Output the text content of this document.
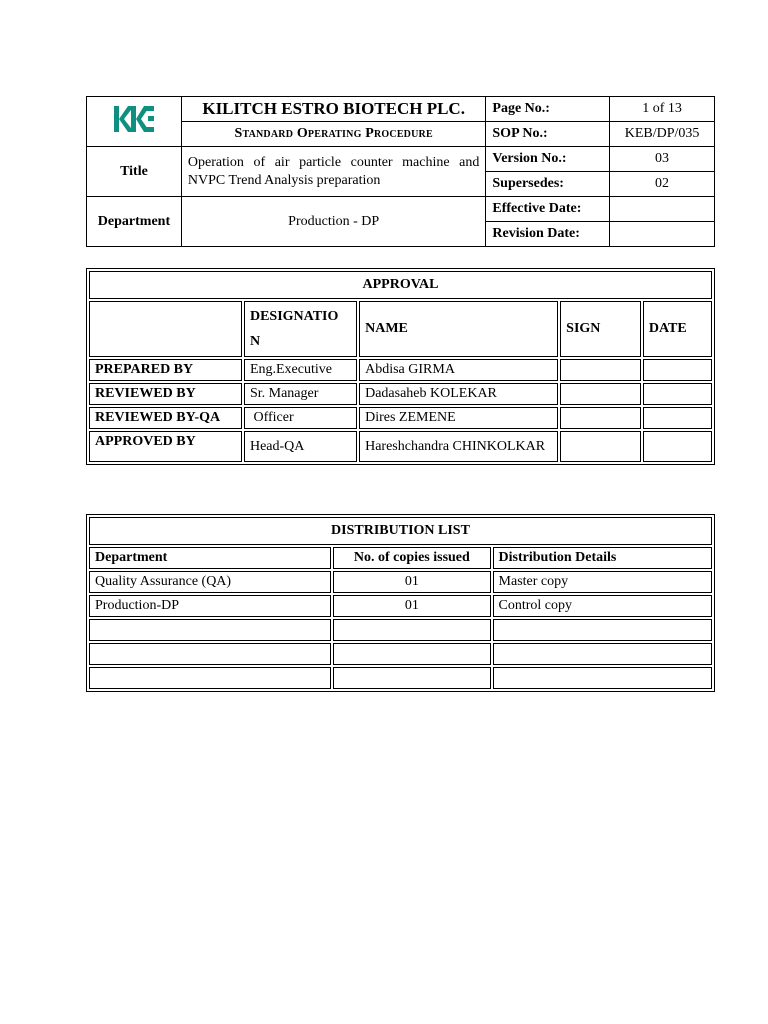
	KILITCH ESTRO BIOTECH PLC.	Page No.:	1 of 13
	Standard Operating Procedure	SOP No.:	KEB/DP/035
Title	Operation of air particle counter machine and NVPC Trend Analysis preparation	Version No.:	03
		Supersedes:	02
Department	Production - DP	Effective Date:	
		Revision Date:	
APPROVAL				
	DESIGNATIO N	NAME	SIGN	DATE
PREPARED BY	Eng.Executive	Abdisa GIRMA		
REVIEWED BY	Sr. Manager	Dadasaheb KOLEKAR		
REVIEWED BY-QA	Officer	Dires ZEMENE		
APPROVED BY	Head-QA	Hareshchandra CHINKOLKAR		
DISTRIBUTION LIST		
Department	No. of copies issued	Distribution Details
Quality Assurance (QA)	01	Master copy
Production-DP	01	Control copy
